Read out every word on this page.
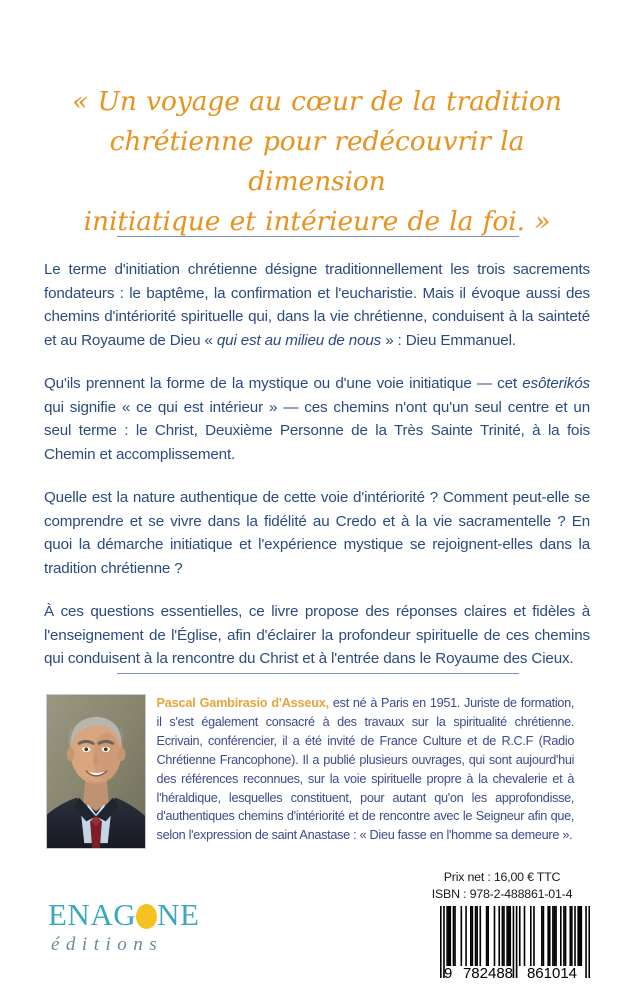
« Un voyage au cœur de la tradition
chrétienne pour redécouvrir la dimension
initiatique et intérieure de la foi. »

Le terme d'initiation chrétienne désigne traditionnellement les trois sacrements fondateurs : le baptême, la confirmation et l'eucharistie. Mais il évoque aussi des chemins d'intériorité spirituelle qui, dans la vie chrétienne, conduisent à la sainteté et au Royaume de Dieu « qui est au milieu de nous » : Dieu Emmanuel.

Qu'ils prennent la forme de la mystique ou d'une voie initiatique — cet esôterikós qui signifie « ce qui est intérieur » — ces chemins n'ont qu'un seul centre et un seul terme : le Christ, Deuxième Personne de la Très Sainte Trinité, à la fois Chemin et accomplissement.

Quelle est la nature authentique de cette voie d'intériorité ? Comment peut-elle se comprendre et se vivre dans la fidélité au Credo et à la vie sacramentelle ? En quoi la démarche initiatique et l'expérience mystique se rejoignent-elles dans la tradition chrétienne ?

À ces questions essentielles, ce livre propose des réponses claires et fidèles à l'enseignement de l'Église, afin d'éclairer la profondeur spirituelle de ces chemins qui conduisent à la rencontre du Christ et à l'entrée dans le Royaume des Cieux.

Pascal Gambirasio d'Asseux, est né à Paris en 1951. Juriste de formation, il s'est également consacré à des travaux sur la spiritualité chrétienne. Ecrivain, conférencier, il a été invité de France Culture et de R.C.F (Radio Chrétienne Francophone). Il a publié plusieurs ouvrages, qui sont aujourd'hui des références reconnues, sur la voie spirituelle propre à la chevalerie et à l'héraldique, lesquelles constituent, pour autant qu'on les approfondisse, d'authentiques chemins d'intériorité et de rencontre avec le Seigneur afin que, selon l'expression de saint Anastase : « Dieu fasse en l'homme sa demeure ».
ENAG NE
éditions
Prix net : 16,00 € TTC
ISBN : 978-2-488861-01-4
9 782488 861014
